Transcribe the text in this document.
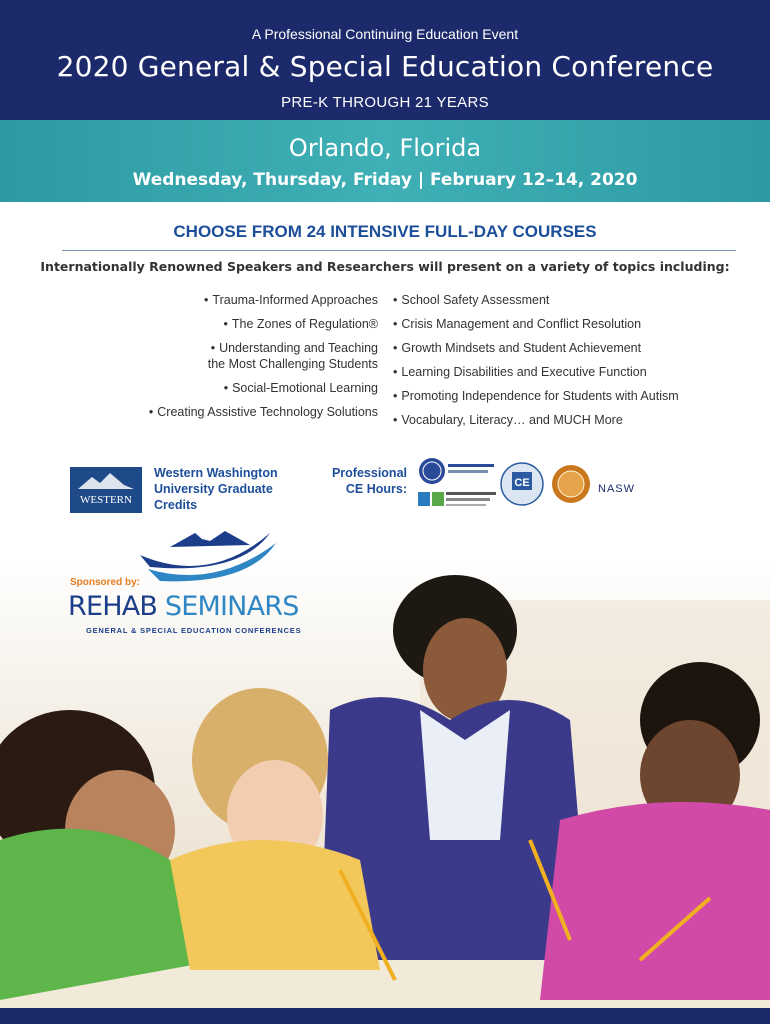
A Professional Continuing Education Event
2020 General & Special Education Conference
PRE-K THROUGH 21 YEARS
Orlando, Florida
Wednesday, Thursday, Friday | February 12–14, 2020
CHOOSE FROM 24 INTENSIVE FULL-DAY COURSES
Internationally Renowned Speakers and Researchers will present on a variety of topics including:
• Trauma-Informed Approaches
• The Zones of Regulation®
• Understanding and Teaching
the Most Challenging Students
• Social-Emotional Learning
• Creating Assistive Technology Solutions
• School Safety Assessment
• Crisis Management and Conflict Resolution
• Growth Mindsets and Student Achievement
• Learning Disabilities and Executive Function
• Promoting Independence for Students with Autism
• Vocabulary, Literacy… and MUCH More
WESTERN
Western Washington
University Graduate
Credits
Professional
CE Hours:	CE	NASW
Sponsored by:
REHAB SEMINARS
GENERAL & SPECIAL EDUCATION CONFERENCES
